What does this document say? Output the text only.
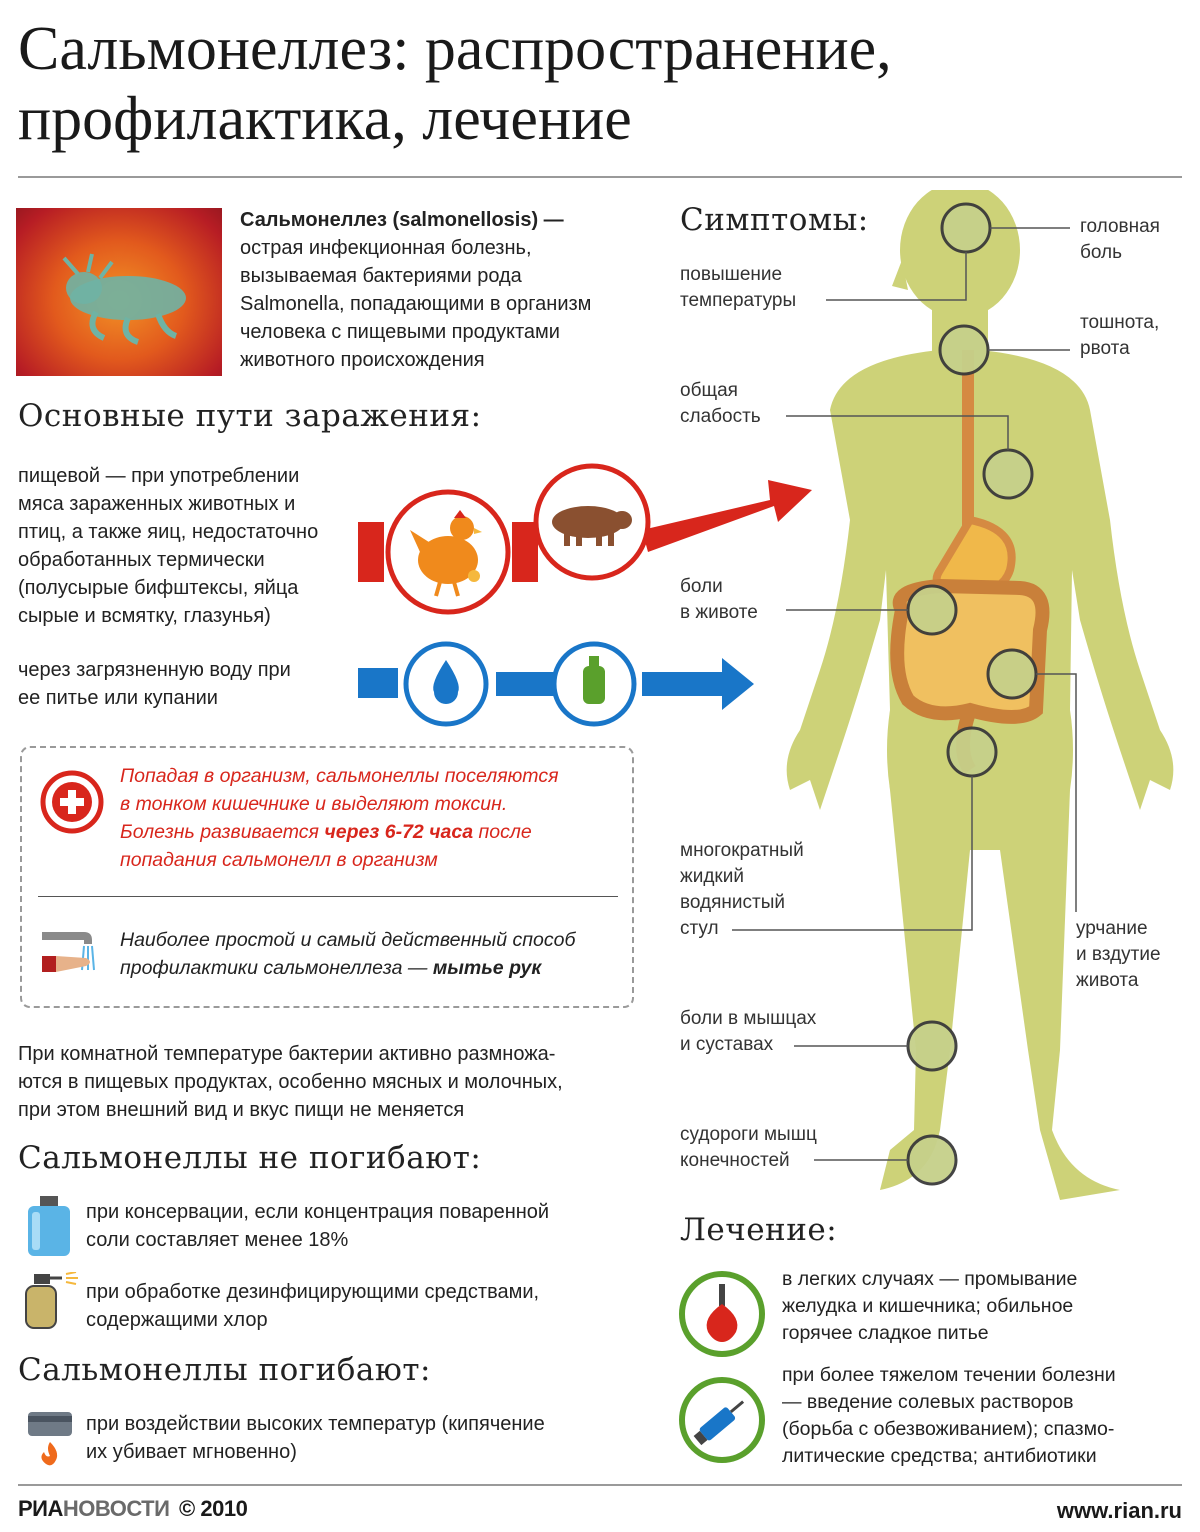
Сальмонеллез: распространение, профилактика, лечение
Сальмонеллез (salmonellosis) —
острая инфекционная болезнь,
вызываемая бактериями рода
Salmonella, попадающими в организм
человека с пищевыми продуктами
животного происхождения
Основные пути заражения:
пищевой — при употреблении
мяса зараженных животных и
птиц, а также яиц, недостаточно
обработанных термически
(полусырые бифштексы, яйца
сырые и всмятку, глазунья)
через загрязненную воду при
ее питье или купании
Попадая в организм, сальмонеллы поселяются
в тонком кишечнике и выделяют токсин.
Болезнь развивается через 6-72 часа после
попадания сальмонелл в организм
Наиболее простой и самый действенный способ
профилактики сальмонеллеза — мытье рук
При комнатной температуре бактерии активно размножа-
ются в пищевых продуктах, особенно мясных и молочных,
при этом внешний вид и вкус пищи не меняется
Сальмонеллы не погибают:
при консервации, если концентрация поваренной
соли составляет менее 18%
при обработке дезинфицирующими средствами,
содержащими хлор
Сальмонеллы погибают:
при воздействии высоких температур (кипячение
их убивает мгновенно)
Симптомы:
повышение
температуры
общая
слабость
боли
в животе
многократный
жидкий
водянистый
стул
боли в мышцах
и суставах
судороги мышц
конечностей
головная
боль
тошнота,
рвота
урчание
и вздутие
живота
Лечение:
в легких случаях — промывание
желудка и кишечника; обильное
горячее сладкое питье
при более тяжелом течении болезни
— введение солевых растворов
(борьба с обезвоживанием); спазмо-
литические средства; антибиотики
РИАНОВОСТИ © 2010	www.rian.ru
